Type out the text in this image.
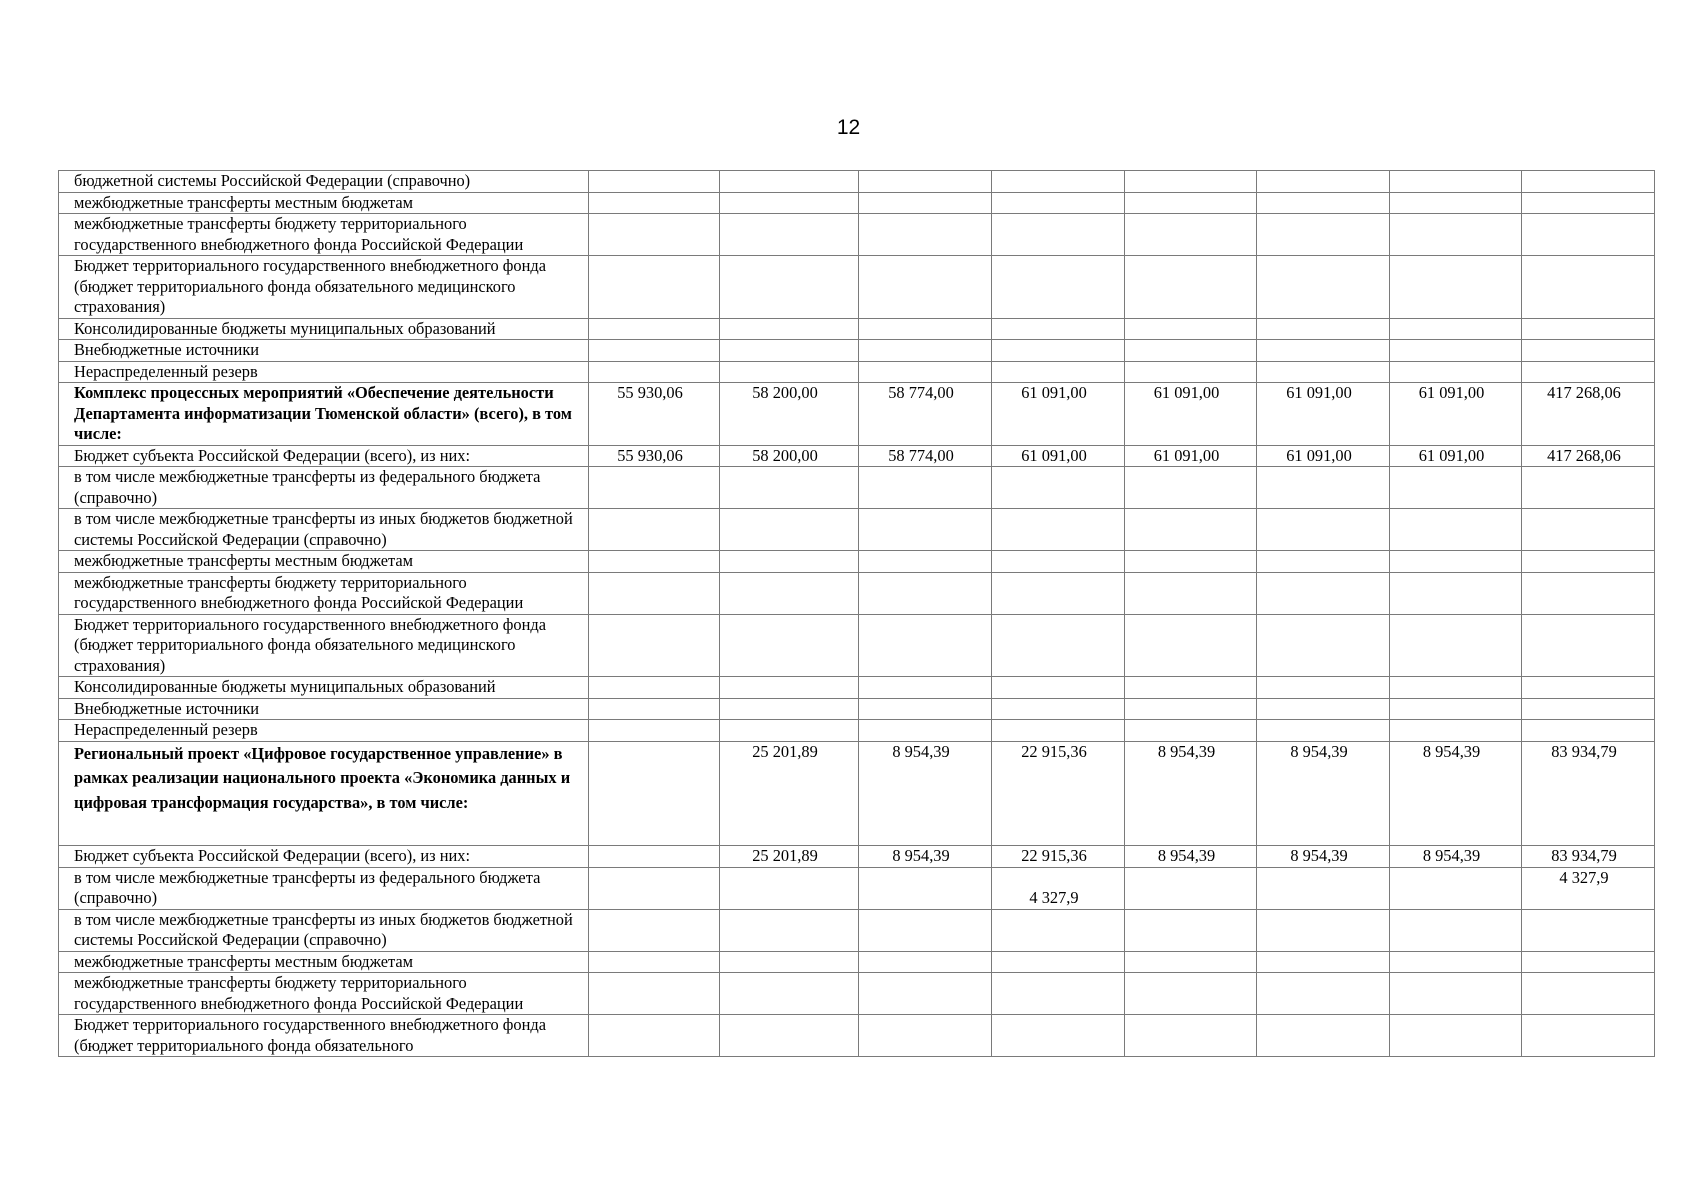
12
бюджетной системы Российской Федерации (справочно)								
межбюджетные трансферты местным бюджетам								
межбюджетные трансферты бюджету территориального государственного внебюджетного фонда Российской Федерации								
Бюджет территориального государственного внебюджетного фонда (бюджет территориального фонда обязательного медицинского страхования)								
Консолидированные бюджеты муниципальных образований								
Внебюджетные источники								
Нераспределенный резерв								
Комплекс процессных мероприятий «Обеспечение деятельности Департамента информатизации Тюменской области» (всего), в том числе:	55 930,06	58 200,00	58 774,00	61 091,00	61 091,00	61 091,00	61 091,00	417 268,06
Бюджет субъекта Российской Федерации (всего), из них:	55 930,06	58 200,00	58 774,00	61 091,00	61 091,00	61 091,00	61 091,00	417 268,06
в том числе межбюджетные трансферты из федерального бюджета (справочно)								
в том числе межбюджетные трансферты из иных бюджетов бюджетной системы Российской Федерации (справочно)								
межбюджетные трансферты местным бюджетам								
межбюджетные трансферты бюджету территориального государственного внебюджетного фонда Российской Федерации								
Бюджет территориального государственного внебюджетного фонда (бюджет территориального фонда обязательного медицинского страхования)								
Консолидированные бюджеты муниципальных образований								
Внебюджетные источники								
Нераспределенный резерв								
Региональный проект «Цифровое государственное управление» в рамках реализации национального проекта «Экономика данных и цифровая трансформация государства», в том числе:		25 201,89	8 954,39	22 915,36	8 954,39	8 954,39	8 954,39	83 934,79
Бюджет субъекта Российской Федерации (всего), из них:		25 201,89	8 954,39	22 915,36	8 954,39	8 954,39	8 954,39	83 934,79
в том числе межбюджетные трансферты из федерального бюджета (справочно)				4 327,9				4 327,9
в том числе межбюджетные трансферты из иных бюджетов бюджетной системы Российской Федерации (справочно)								
межбюджетные трансферты местным бюджетам								
межбюджетные трансферты бюджету территориального государственного внебюджетного фонда Российской Федерации								
Бюджет территориального государственного внебюджетного фонда (бюджет территориального фонда обязательного								
